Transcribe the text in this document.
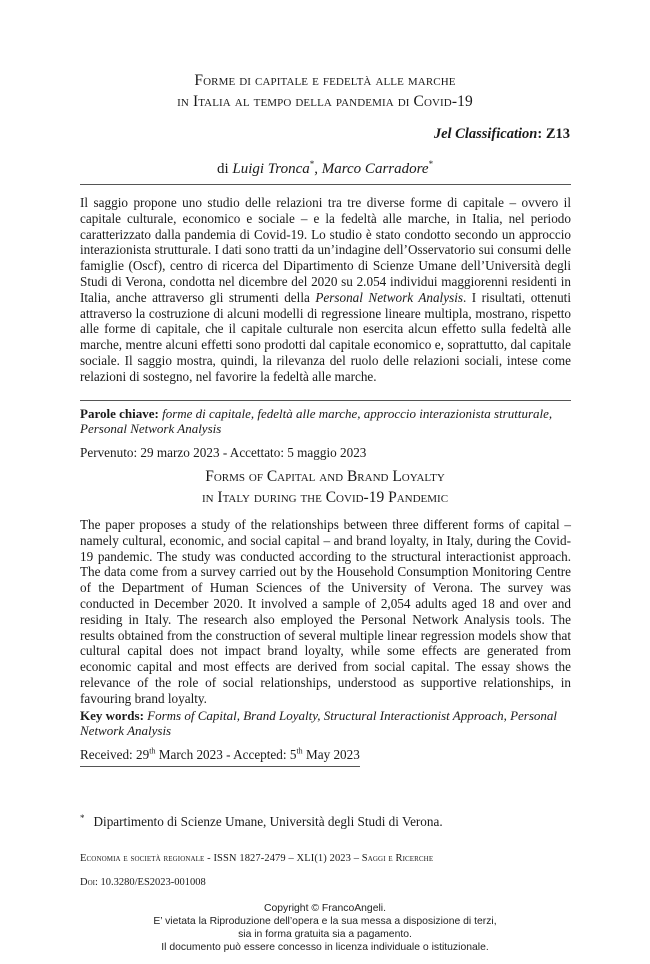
Forme di capitale e fedeltà alle marche
in Italia al tempo della pandemia di Covid-19
Jel Classification: Z13
di Luigi Tronca*, Marco Carradore*
Il saggio propone uno studio delle relazioni tra tre diverse forme di capitale – ovvero il capitale culturale, economico e sociale – e la fedeltà alle marche, in Italia, nel periodo caratterizzato dalla pandemia di Covid-19. Lo studio è stato condotto secondo un approccio interazionista strutturale. I dati sono tratti da un’indagine dell’Osservatorio sui consumi delle famiglie (Oscf), centro di ricerca del Dipartimento di Scienze Umane dell’Università degli Studi di Verona, condotta nel dicembre del 2020 su 2.054 individui maggiorenni residenti in Italia, anche attraverso gli strumenti della Personal Network Analysis. I risultati, ottenuti attraverso la costruzione di alcuni modelli di regressione lineare multipla, mostrano, rispetto alle forme di capitale, che il capitale culturale non esercita alcun effetto sulla fedeltà alle marche, mentre alcuni effetti sono prodotti dal capitale economico e, soprattutto, dal capitale sociale. Il saggio mostra, quindi, la rilevanza del ruolo delle relazioni sociali, intese come relazioni di sostegno, nel favorire la fedeltà alle marche.
Parole chiave: forme di capitale, fedeltà alle marche, approccio interazionista strutturale, Personal Network Analysis
Pervenuto: 29 marzo 2023 - Accettato: 5 maggio 2023
Forms of Capital and Brand Loyalty
in Italy during the Covid-19 Pandemic
The paper proposes a study of the relationships between three different forms of capital – namely cultural, economic, and social capital – and brand loyalty, in Italy, during the Covid-19 pandemic. The study was conducted according to the structural interactionist approach. The data come from a survey carried out by the Household Consumption Monitoring Centre of the Department of Human Sciences of the University of Verona. The survey was conducted in December 2020. It involved a sample of 2,054 adults aged 18 and over and residing in Italy. The research also employed the Personal Network Analysis tools. The results obtained from the construction of several multiple linear regression models show that cultural capital does not impact brand loyalty, while some effects are generated from economic capital and most effects are derived from social capital. The essay shows the relevance of the role of social relationships, understood as supportive relationships, in favouring brand loyalty.
Key words: Forms of Capital, Brand Loyalty, Structural Interactionist Approach, Personal Network Analysis
Received: 29th March 2023 - Accepted: 5th May 2023
* Dipartimento di Scienze Umane, Università degli Studi di Verona.
Economia e società regionale - ISSN 1827-2479 – XLI(1) 2023 – Saggi e Ricerche
Doi: 10.3280/ES2023-001008
Copyright © FrancoAngeli.
E’ vietata la Riproduzione dell’opera e la sua messa a disposizione di terzi,
sia in forma gratuita sia a pagamento.
Il documento può essere concesso in licenza individuale o istituzionale.
